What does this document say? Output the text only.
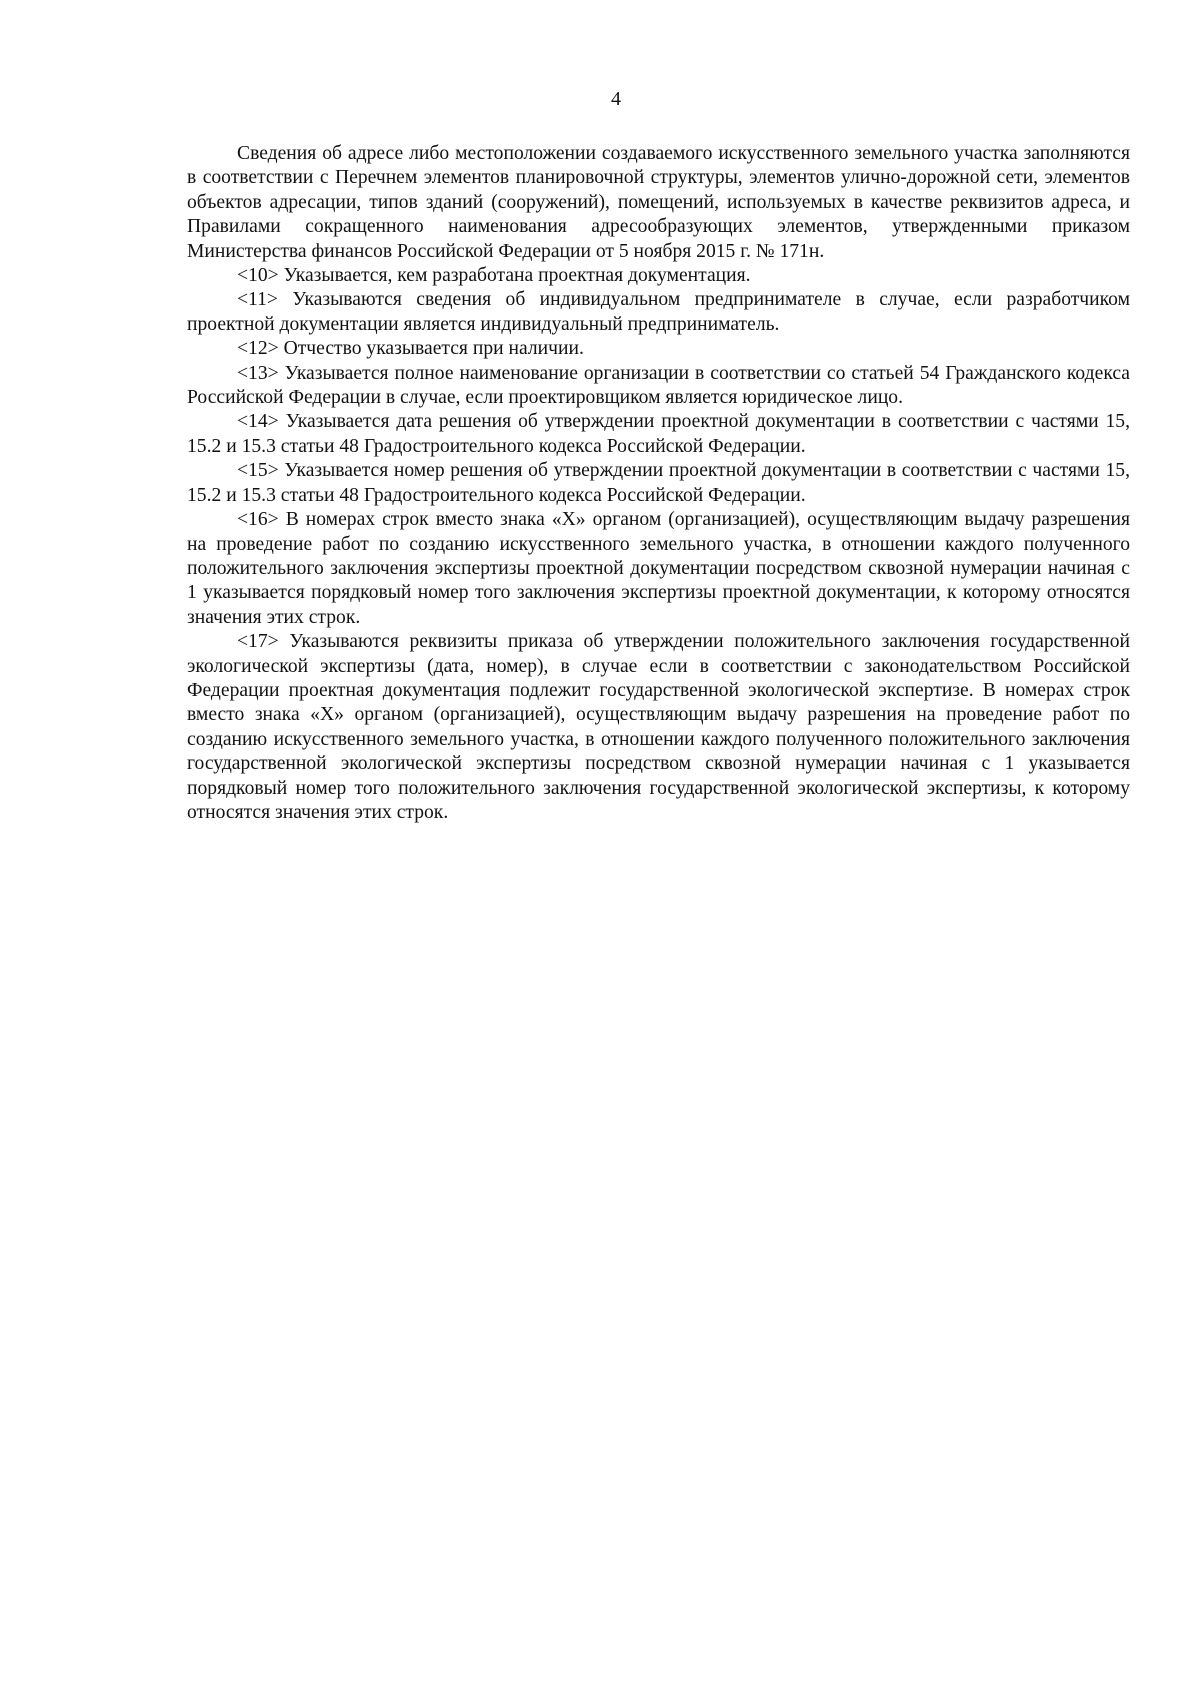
4

Сведения об адресе либо местоположении создаваемого искусственного земельного участка заполняются в соответствии с Перечнем элементов планировочной структуры, элементов улично-дорожной сети, элементов объектов адресации, типов зданий (сооружений), помещений, используемых в качестве реквизитов адреса, и Правилами сокращенного наименования адресообразующих элементов, утвержденными приказом Министерства финансов Российской Федерации от 5 ноября 2015 г. № 171н.

<10> Указывается, кем разработана проектная документация.

<11> Указываются сведения об индивидуальном предпринимателе в случае, если разработчиком проектной документации является индивидуальный предприниматель.

<12> Отчество указывается при наличии.

<13> Указывается полное наименование организации в соответствии со статьей 54 Гражданского кодекса Российской Федерации в случае, если проектировщиком является юридическое лицо.

<14> Указывается дата решения об утверждении проектной документации в соответствии с частями 15, 15.2 и 15.3 статьи 48 Градостроительного кодекса Российской Федерации.

<15> Указывается номер решения об утверждении проектной документации в соответствии с частями 15, 15.2 и 15.3 статьи 48 Градостроительного кодекса Российской Федерации.

<16> В номерах строк вместо знака «Х» органом (организацией), осуществляющим выдачу разрешения на проведение работ по созданию искусственного земельного участка, в отношении каждого полученного положительного заключения экспертизы проектной документации посредством сквозной нумерации начиная с 1 указывается порядковый номер того заключения экспертизы проектной документации, к которому относятся значения этих строк.

<17> Указываются реквизиты приказа об утверждении положительного заключения государственной экологической экспертизы (дата, номер), в случае если в соответствии с законодательством Российской Федерации проектная документация подлежит государственной экологической экспертизе. В номерах строк вместо знака «Х» органом (организацией), осуществляющим выдачу разрешения на проведение работ по созданию искусственного земельного участка, в отношении каждого полученного положительного заключения государственной экологической экспертизы посредством сквозной нумерации начиная с 1 указывается порядковый номер того положительного заключения государственной экологической экспертизы, к которому относятся значения этих строк.
